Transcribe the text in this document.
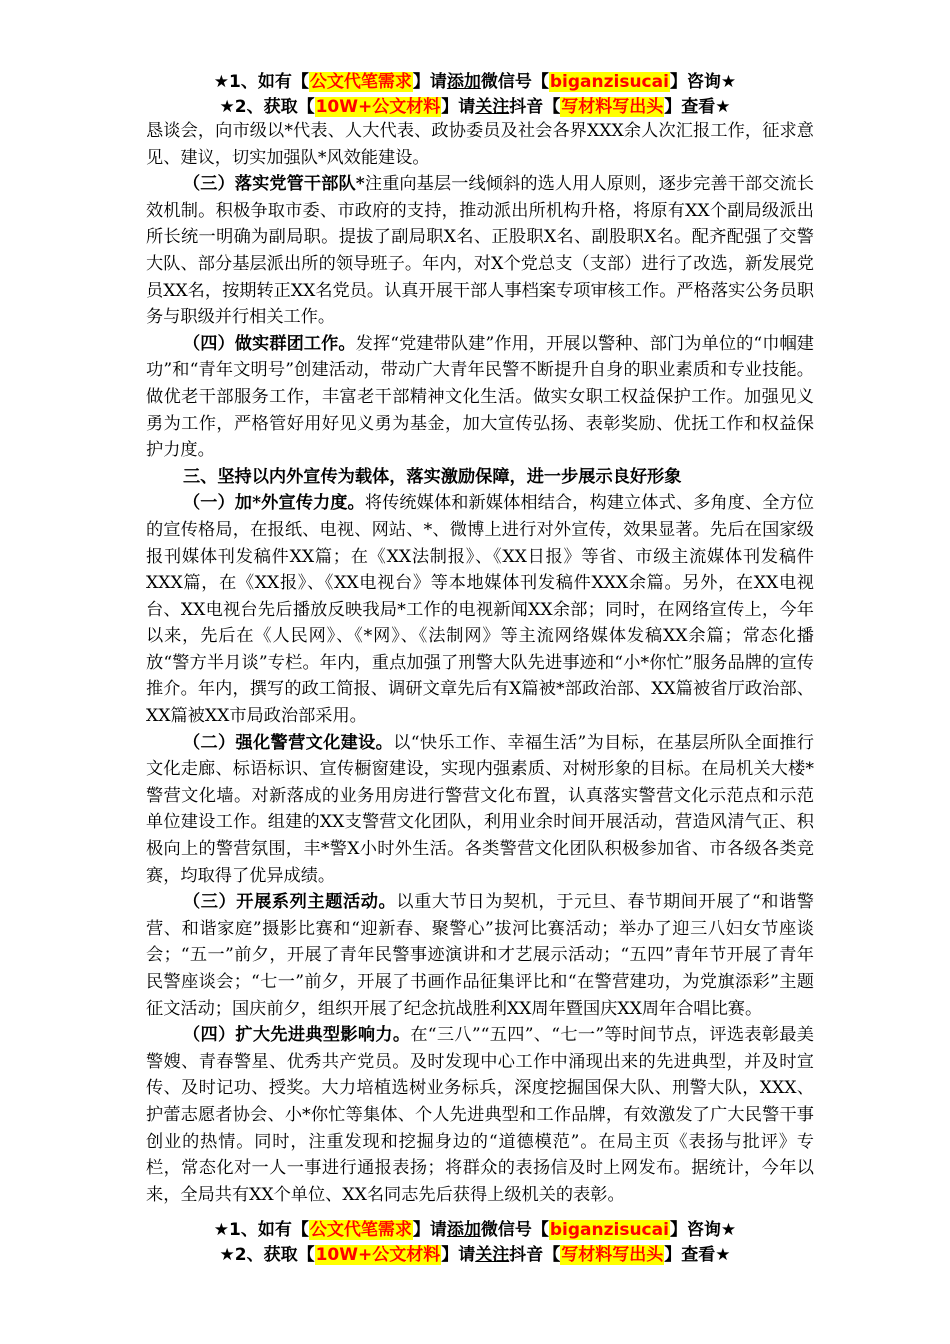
★1、如有【公文代笔需求】请添加微信号【biganzisucai】咨询★
★2、获取【10W+公文材料】请关注抖音【写材料写出头】查看★

恳谈会，向市级以*代表、人大代表、政协委员及社会各界XXX余人次汇报工作，征求意见、建议，切实加强队*风效能建设。

（三）落实党管干部队*注重向基层一线倾斜的选人用人原则，逐步完善干部交流长效机制。积极争取市委、市政府的支持，推动派出所机构升格，将原有XX个副局级派出所长统一明确为副局职。提拔了副局职X名、正股职X名、副股职X名。配齐配强了交警大队、部分基层派出所的领导班子。年内，对X个党总支（支部）进行了改选，新发展党员XX名，按期转正XX名党员。认真开展干部人事档案专项审核工作。严格落实公务员职务与职级并行相关工作。

（四）做实群团工作。发挥“党建带队建”作用，开展以警种、部门为单位的“巾帼建功”和“青年文明号”创建活动，带动广大青年民警不断提升自身的职业素质和专业技能。做优老干部服务工作，丰富老干部精神文化生活。做实女职工权益保护工作。加强见义勇为工作，严格管好用好见义勇为基金，加大宣传弘扬、表彰奖励、优抚工作和权益保护力度。

三、坚持以内外宣传为载体，落实激励保障，进一步展示良好形象

（一）加*外宣传力度。将传统媒体和新媒体相结合，构建立体式、多角度、全方位的宣传格局，在报纸、电视、网站、*、微博上进行对外宣传，效果显著。先后在国家级报刊媒体刊发稿件XX篇；在《XX法制报》、《XX日报》等省、市级主流媒体刊发稿件XXX篇，在《XX报》、《XX电视台》等本地媒体刊发稿件XXX余篇。另外，在XX电视台、XX电视台先后播放反映我局*工作的电视新闻XX余部；同时，在网络宣传上，今年以来，先后在《人民网》、《*网》、《法制网》等主流网络媒体发稿XX余篇；常态化播放“警方半月谈”专栏。年内，重点加强了刑警大队先进事迹和“小*你忙”服务品牌的宣传推介。年内，撰写的政工简报、调研文章先后有X篇被*部政治部、XX篇被省厅政治部、XX篇被XX市局政治部采用。

（二）强化警营文化建设。以“快乐工作、幸福生活”为目标，在基层所队全面推行文化走廊、标语标识、宣传橱窗建设，实现内强素质、对树形象的目标。在局机关大楼*警营文化墙。对新落成的业务用房进行警营文化布置，认真落实警营文化示范点和示范单位建设工作。组建的XX支警营文化团队，利用业余时间开展活动，营造风清气正、积极向上的警营氛围，丰*警X小时外生活。各类警营文化团队积极参加省、市各级各类竞赛，均取得了优异成绩。

（三）开展系列主题活动。以重大节日为契机，于元旦、春节期间开展了“和谐警营、和谐家庭”摄影比赛和“迎新春、聚警心”拔河比赛活动；举办了迎三八妇女节座谈会；“五一”前夕，开展了青年民警事迹演讲和才艺展示活动；“五四”青年节开展了青年民警座谈会；“七一”前夕，开展了书画作品征集评比和“在警营建功，为党旗添彩”主题征文活动；国庆前夕，组织开展了纪念抗战胜利XX周年暨国庆XX周年合唱比赛。

（四）扩大先进典型影响力。在“三八”“五四”、“七一”等时间节点，评选表彰最美警嫂、青春警星、优秀共产党员。及时发现中心工作中涌现出来的先进典型，并及时宣传、及时记功、授奖。大力培植选树业务标兵，深度挖掘国保大队、刑警大队，XXX、护蕾志愿者协会、小*你忙等集体、个人先进典型和工作品牌，有效激发了广大民警干事创业的热情。同时，注重发现和挖掘身边的“道德模范”。在局主页《表扬与批评》专栏，常态化对一人一事进行通报表扬；将群众的表扬信及时上网发布。据统计，今年以来，全局共有XX个单位、XX名同志先后获得上级机关的表彰。

★1、如有【公文代笔需求】请添加微信号【biganzisucai】咨询★
★2、获取【10W+公文材料】请关注抖音【写材料写出头】查看★
